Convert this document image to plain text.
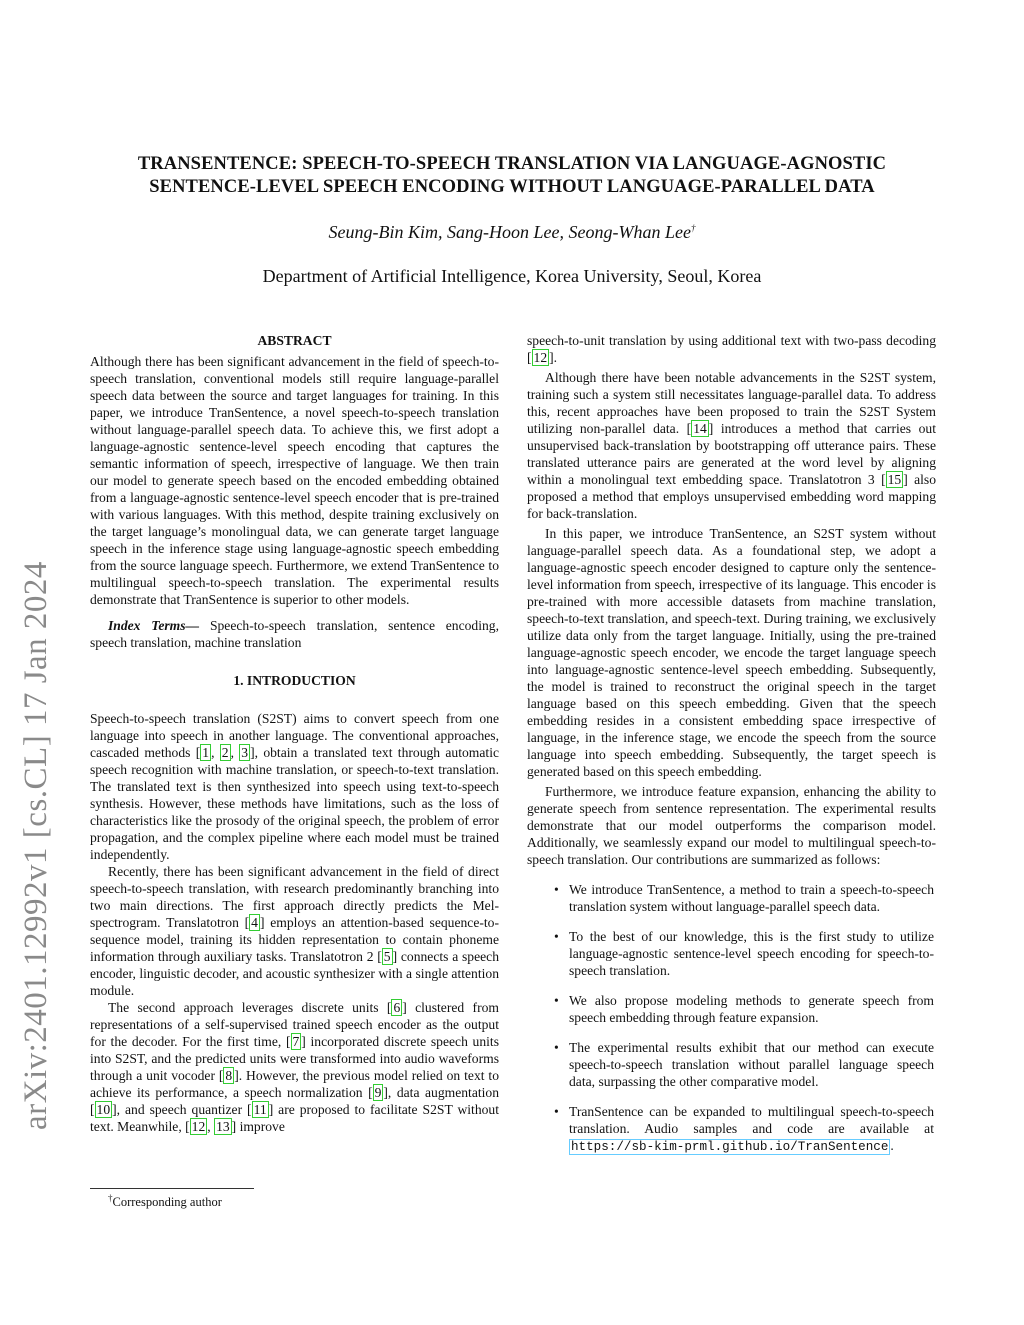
TRANSENTENCE: SPEECH-TO-SPEECH TRANSLATION VIA LANGUAGE-AGNOSTIC
SENTENCE-LEVEL SPEECH ENCODING WITHOUT LANGUAGE-PARALLEL DATA
Seung-Bin Kim, Sang-Hoon Lee, Seong-Whan Lee†
Department of Artificial Intelligence, Korea University, Seoul, Korea
arXiv:2401.12992v1 [cs.CL] 17 Jan 2024
ABSTRACT

Although there has been significant advancement in the field of speech-to-speech translation, conventional models still require language-parallel speech data between the source and target languages for training. In this paper, we introduce TranSentence, a novel speech-to-speech translation without language-parallel speech data. To achieve this, we first adopt a language-agnostic sentence-level speech encoding that captures the semantic information of speech, irrespective of language. We then train our model to generate speech based on the encoded embedding obtained from a language-agnostic sentence-level speech encoder that is pre-trained with various languages. With this method, despite training exclusively on the target language’s monolingual data, we can generate target language speech in the inference stage using language-agnostic speech embedding from the source language speech. Furthermore, we extend TranSentence to multilingual speech-to-speech translation. The experimental results demonstrate that TranSentence is superior to other models.

Index Terms— Speech-to-speech translation, sentence encoding, speech translation, machine translation

1. INTRODUCTION

Speech-to-speech translation (S2ST) aims to convert speech from one language into speech in another language. The conventional approaches, cascaded methods [ 1 , 2 , 3 ], obtain a translated text through automatic speech recognition with machine translation, or speech-to-text translation. The translated text is then synthesized into speech using text-to-speech synthesis. However, these methods have limitations, such as the loss of characteristics like the prosody of the original speech, the problem of error propagation, and the complex pipeline where each model must be trained independently.

Recently, there has been significant advancement in the field of direct speech-to-speech translation, with research predominantly branching into two main directions. The first approach directly predicts the Mel-spectrogram. Translatotron [ 4 ] employs an attention-based sequence-to-sequence model, training its hidden representation to contain phoneme information through auxiliary tasks. Translatotron 2 [ 5 ] connects a speech encoder, linguistic decoder, and acoustic synthesizer with a single attention module.

The second approach leverages discrete units [ 6 ] clustered from representations of a self-supervised trained speech encoder as the output for the decoder. For the first time, [ 7 ] incorporated discrete speech units into S2ST, and the predicted units were transformed into audio waveforms through a unit vocoder [ 8 ]. However, the previous model relied on text to achieve its performance, a speech normalization [ 9 ], data augmentation [ 10 ], and speech quantizer [ 11 ] are proposed to facilitate S2ST without text. Meanwhile, [ 12 , 13 ] improve

†Corresponding author

speech-to-unit translation by using additional text with two-pass decoding [ 12 ].

Although there have been notable advancements in the S2ST system, training such a system still necessitates language-parallel data. To address this, recent approaches have been proposed to train the S2ST System utilizing non-parallel data. [ 14 ] introduces a method that carries out unsupervised back-translation by bootstrapping off utterance pairs. These translated utterance pairs are generated at the word level by aligning within a monolingual text embedding space. Translatotron 3 [ 15 ] also proposed a method that employs unsupervised embedding word mapping for back-translation.

In this paper, we introduce TranSentence, an S2ST system without language-parallel speech data. As a foundational step, we adopt a language-agnostic speech encoder designed to capture only the sentence-level information from speech, irrespective of its language. This encoder is pre-trained with more accessible datasets from machine translation, speech-to-text translation, and speech-text. During training, we exclusively utilize data only from the target language. Initially, using the pre-trained language-agnostic speech encoder, we encode the target language speech into language-agnostic sentence-level speech embedding. Subsequently, the model is trained to reconstruct the original speech in the target language based on this speech embedding. Given that the speech embedding resides in a consistent embedding space irrespective of language, in the inference stage, we encode the speech from the source language into speech embedding. Subsequently, the target speech is generated based on this speech embedding.

Furthermore, we introduce feature expansion, enhancing the ability to generate speech from sentence representation. The experimental results demonstrate that our model outperforms the comparison model. Additionally, we seamlessly expand our model to multilingual speech-to-speech translation. Our contributions are summarized as follows:

• We introduce TranSentence, a method to train a speech-to-speech translation system without language-parallel speech data.
• To the best of our knowledge, this is the first study to utilize language-agnostic sentence-level speech encoding for speech-to-speech translation.
• We also propose modeling methods to generate speech from speech embedding through feature expansion.
• The experimental results exhibit that our method can execute speech-to-speech translation without parallel language speech data, surpassing the other comparative model.
• TranSentence can be expanded to multilingual speech-to-speech translation. Audio samples and code are available at https://sb-kim-prml.github.io/TranSentence .
